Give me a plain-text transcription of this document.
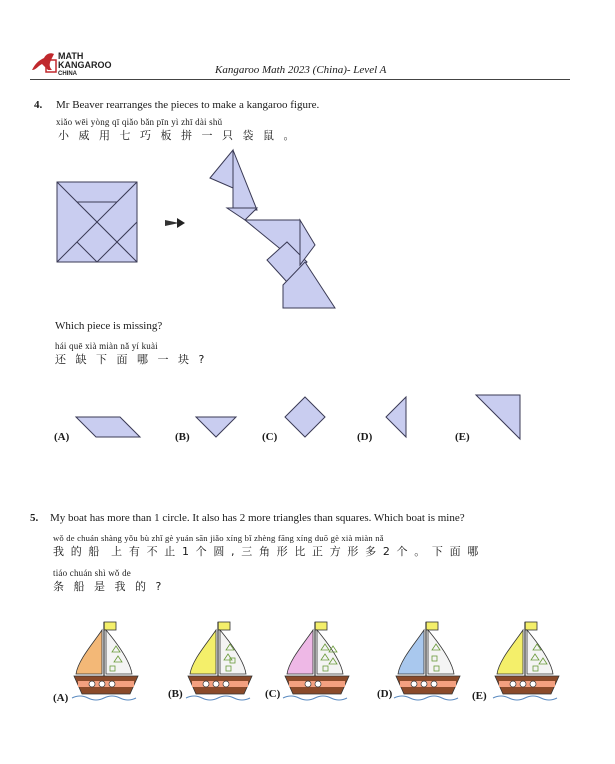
MATH
KANGAROO
CHINA	Kangaroo Math 2023 (China)- Level A
4. Mr Beaver rearranges the pieces to make a kangaroo figure.
xiǎo wēi yòng qī qiǎo bǎn pīn yì zhī dài shǔ
小 威 用 七 巧 板 拼 一 只 袋 鼠 。
Which piece is missing?
hái quē xià miàn nǎ yí kuài
还 缺 下 面 哪 一 块 ?
(A)	(B)	(C)	(D)	(E)
5. My boat has more than 1 circle. It also has 2 more triangles than squares. Which boat is mine?
wǒ de chuán shàng yǒu bù zhǐ gè yuán sān jiǎo xíng bǐ zhèng fāng xíng duō gè xià miàn nǎ
我 的 船  上 有 不 止 1 个 圆 , 三 角 形 比 正 方 形 多 2 个 。 下 面 哪
tiáo chuán shì wǒ de
条 船 是 我 的 ?
(A)	(B)	(C)	(D)	(E)
